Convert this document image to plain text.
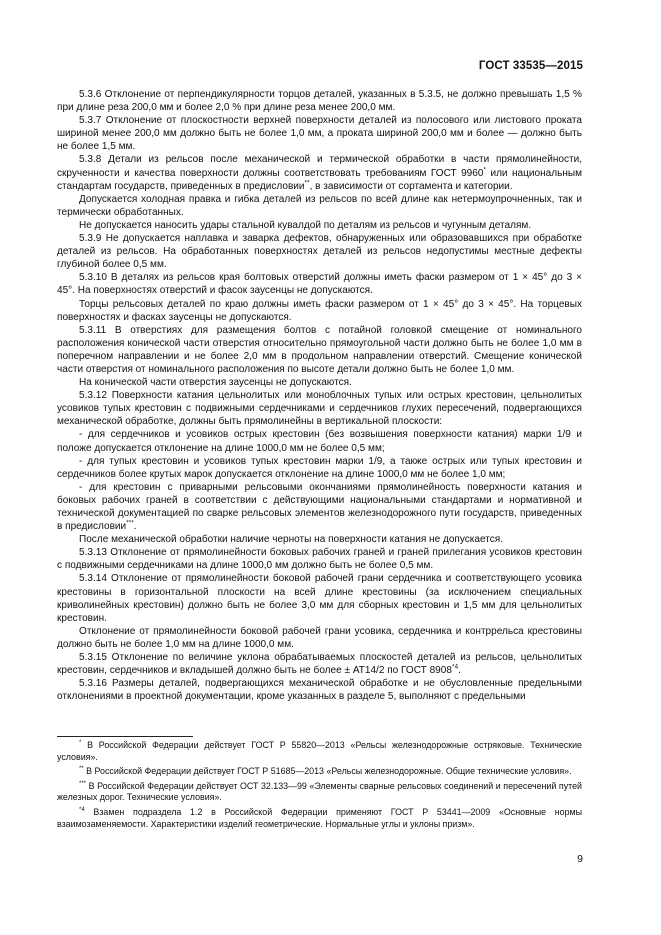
ГОСТ 33535—2015

5.3.6 Отклонение от перпендикулярности торцов деталей, указанных в 5.3.5, не должно превышать 1,5 % при длине реза 200,0 мм и более 2,0 % при длине реза менее 200,0 мм.

5.3.7 Отклонение от плоскостности верхней поверхности деталей из полосового или листового проката шириной менее 200,0 мм должно быть не более 1,0 мм, а проката шириной 200,0 мм и более — должно быть не более 1,5 мм.

5.3.8 Детали из рельсов после механической и термической обработки в части прямолинейности, скрученности и качества поверхности должны соответствовать требованиям ГОСТ 9960* или национальным стандартам государств, приведенных в предисловии**, в зависимости от сортамента и категории.

Допускается холодная правка и гибка деталей из рельсов по всей длине как нетермоупрочненных, так и термически обработанных.

Не допускается наносить удары стальной кувалдой по деталям из рельсов и чугунным деталям.

5.3.9 Не допускается наплавка и заварка дефектов, обнаруженных или образовавшихся при обработке деталей из рельсов. На обработанных поверхностях деталей из рельсов недопустимы местные дефекты глубиной более 0,5 мм.

5.3.10 В деталях из рельсов края болтовых отверстий должны иметь фаски размером от 1 × 45° до 3 × 45°. На поверхностях отверстий и фасок заусенцы не допускаются.

Торцы рельсовых деталей по краю должны иметь фаски размером от 1 × 45° до 3 × 45°. На торцевых поверхностях и фасках заусенцы не допускаются.

5.3.11 В отверстиях для размещения болтов с потайной головкой смещение от номинального расположения конической части отверстия относительно прямоугольной части должно быть не более 1,0 мм в поперечном направлении и не более 2,0 мм в продольном направлении отверстий. Смещение конической части отверстия от номинального расположения по высоте детали должно быть не более 1,0 мм.

На конической части отверстия заусенцы не допускаются.

5.3.12 Поверхности катания цельнолитых или моноблочных тупых или острых крестовин, цельнолитых усовиков тупых крестовин с подвижными сердечниками и сердечников глухих пересечений, подвергающихся механической обработке, должны быть прямолинейны в вертикальной плоскости:

- для сердечников и усовиков острых крестовин (без возвышения поверхности катания) марки 1/9 и положе допускается отклонение на длине 1000,0 мм не более 0,5 мм;

- для тупых крестовин и усовиков тупых крестовин марки 1/9, а также острых или тупых крестовин и сердечников более крутых марок допускается отклонение на длине 1000,0 мм не более 1,0 мм;

- для крестовин с приварными рельсовыми окончаниями прямолинейность поверхности катания и боковых рабочих граней в соответствии с действующими национальными стандартами и нормативной и технической документацией по сварке рельсовых элементов железнодорожного пути государств, приведенных в предисловии***.

После механической обработки наличие черноты на поверхности катания не допускается.

5.3.13 Отклонение от прямолинейности боковых рабочих граней и граней прилегания усовиков крестовин с подвижными сердечниками на длине 1000,0 мм должно быть не более 0,5 мм.

5.3.14 Отклонение от прямолинейности боковой рабочей грани сердечника и соответствующего усовика крестовины в горизонтальной плоскости на всей длине крестовины (за исключением специальных криволинейных крестовин) должно быть не более 3,0 мм для сборных крестовин и 1,5 мм для цельнолитых крестовин.

Отклонение от прямолинейности боковой рабочей грани усовика, сердечника и контррельса крестовины должно быть не более 1,0 мм на длине 1000,0 мм.

5.3.15 Отклонение по величине уклона обрабатываемых плоскостей деталей из рельсов, цельнолитых крестовин, сердечников и вкладышей должно быть не более ± АТ14/2 по ГОСТ 8908$^{*4}$.

5.3.16 Размеры деталей, подвергающихся механической обработке и не обусловленные предельными отклонениями в проектной документации, кроме указанных в разделе 5, выполняют с предельными

* В Российской Федерации действует ГОСТ Р 55820—2013 «Рельсы железнодорожные остряковые. Технические условия».

** В Российской Федерации действует ГОСТ Р 51685—2013 «Рельсы железнодорожные. Общие технические условия».

*** В Российской Федерации действует ОСТ 32.133—99 «Элементы сварные рельсовых соединений и пересечений путей железных дорог. Технические условия».

$^{*4}$ Взамен подраздела 1.2 в Российской Федерации применяют ГОСТ Р 53441—2009 «Основные нормы взаимозаменяемости. Характеристики изделий геометрические. Нормальные углы и уклоны призм».

9
